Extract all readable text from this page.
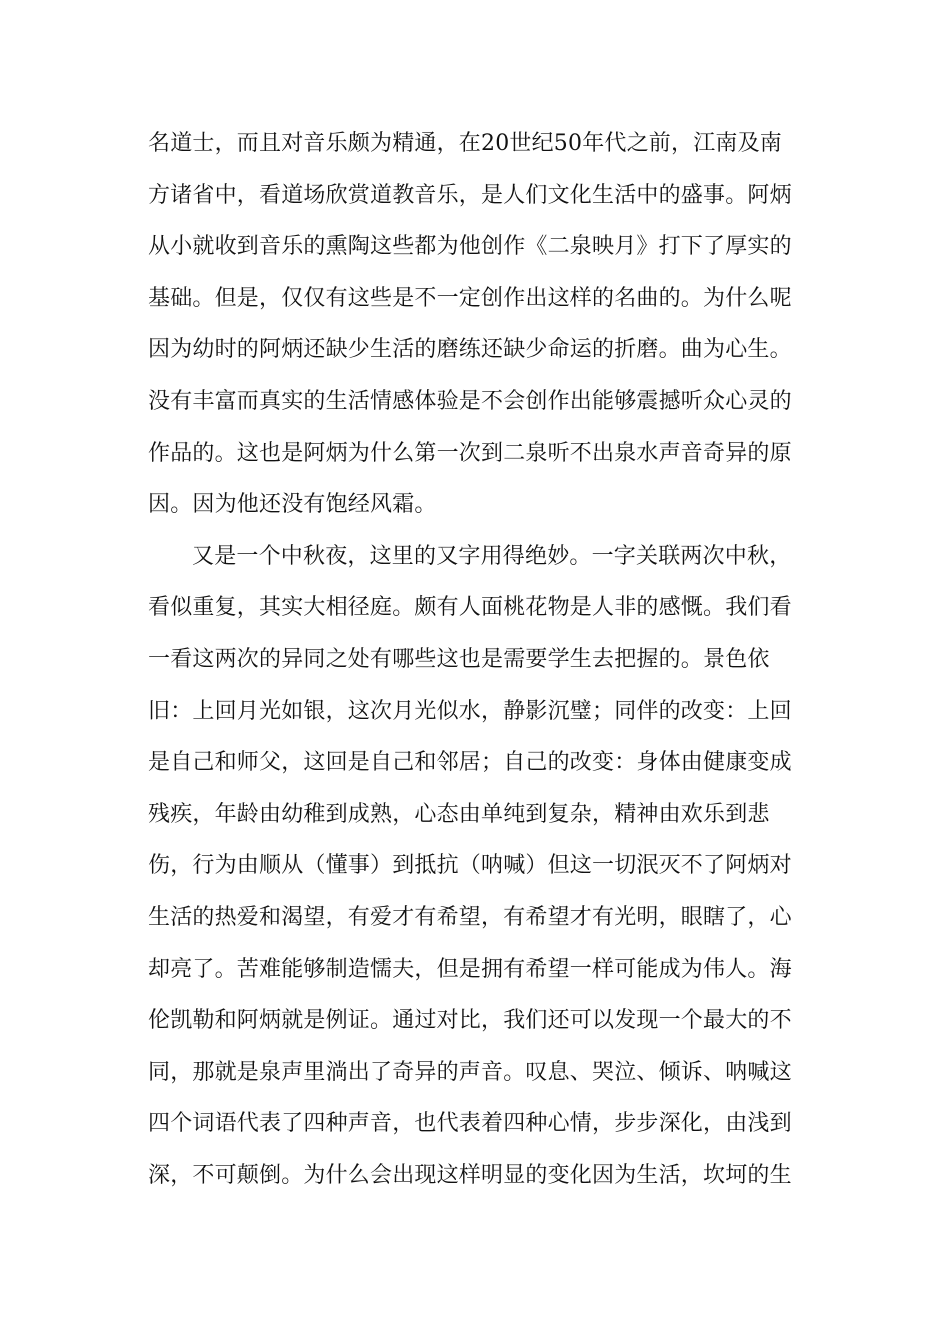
名道士，而且对音乐颇为精通，在20世纪50年代之前，江南及南
方诸省中，看道场欣赏道教音乐，是人们文化生活中的盛事。阿炳
从小就收到音乐的熏陶这些都为他创作《二泉映月》打下了厚实的
基础。但是，仅仅有这些是不一定创作出这样的名曲的。为什么呢
因为幼时的阿炳还缺少生活的磨练还缺少命运的折磨。曲为心生。
没有丰富而真实的生活情感体验是不会创作出能够震撼听众心灵的
作品的。这也是阿炳为什么第一次到二泉听不出泉水声音奇异的原
因。因为他还没有饱经风霜。
又是一个中秋夜，这里的又字用得绝妙。一字关联两次中秋，
看似重复，其实大相径庭。颇有人面桃花物是人非的感慨。我们看
一看这两次的异同之处有哪些这也是需要学生去把握的。景色依
旧：上回月光如银，这次月光似水，静影沉璧；同伴的改变：上回
是自己和师父，这回是自己和邻居；自己的改变：身体由健康变成
残疾，年龄由幼稚到成熟，心态由单纯到复杂，精神由欢乐到悲
伤，行为由顺从（懂事）到抵抗（呐喊）但这一切泯灭不了阿炳对
生活的热爱和渴望，有爱才有希望，有希望才有光明，眼瞎了，心
却亮了。苦难能够制造懦夫，但是拥有希望一样可能成为伟人。海
伦凯勒和阿炳就是例证。通过对比，我们还可以发现一个最大的不
同，那就是泉声里淌出了奇异的声音。叹息、哭泣、倾诉、呐喊这
四个词语代表了四种声音，也代表着四种心情，步步深化，由浅到
深，不可颠倒。为什么会出现这样明显的变化因为生活，坎坷的生
